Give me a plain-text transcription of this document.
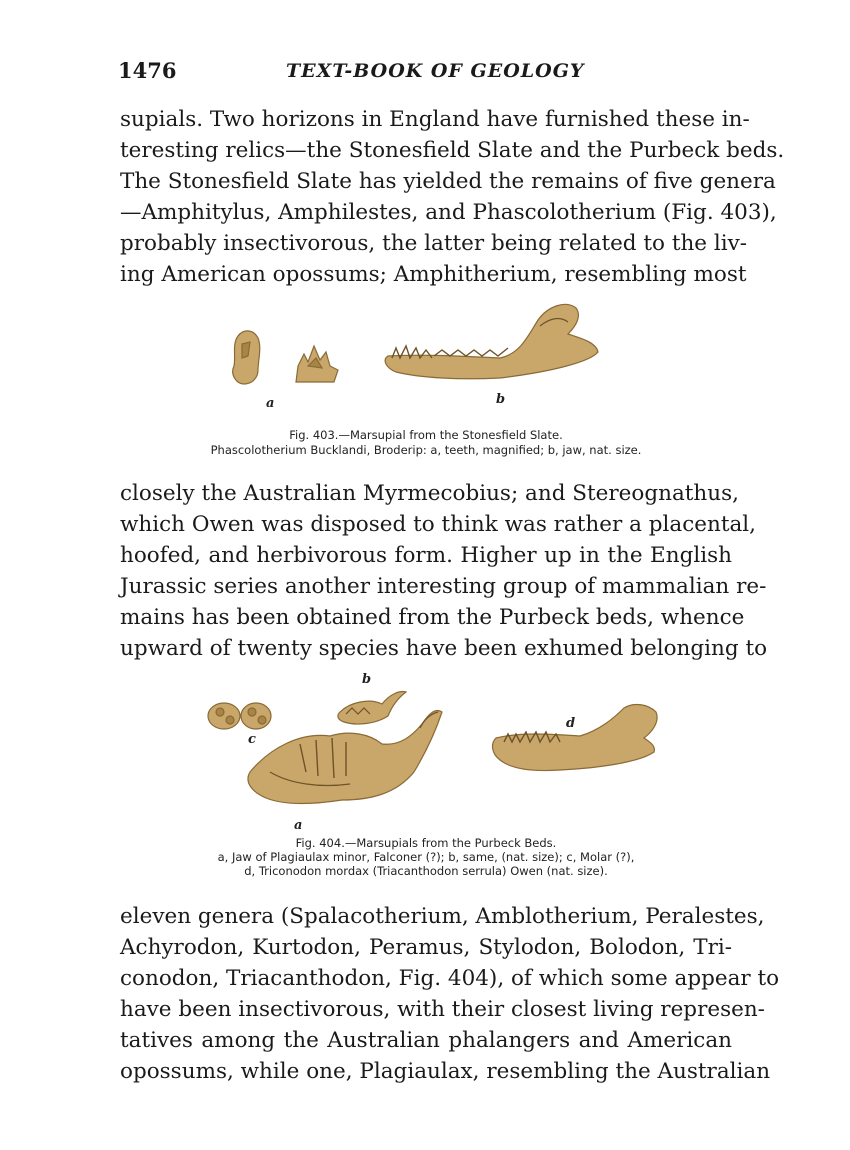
1476	TEXT-BOOK OF GEOLOGY
supials. Two horizons in England have furnished these in-
teresting relics—the Stonesfield Slate and the Purbeck beds.
The Stonesfield Slate has yielded the remains of five genera
—Amphitylus, Amphilestes, and Phascolotherium (Fig. 403),
probably insectivorous, the latter being related to the liv-
ing American opossums; Amphitherium, resembling most
a	b
Fig. 403.—Marsupial from the Stonesfield Slate.
Phascolotherium Bucklandi, Broderip: a, teeth, magnified; b, jaw, nat. size.
closely the Australian Myrmecobius; and Stereognathus,
which Owen was disposed to think was rather a placental,
hoofed, and herbivorous form. Higher up in the English
Jurassic series another interesting group of mammalian re-
mains has been obtained from the Purbeck beds, whence
upward of twenty species have been exhumed belonging to
b
c
d
a
Fig. 404.—Marsupials from the Purbeck Beds.
a, Jaw of Plagiaulax minor, Falconer (?); b, same, (nat. size); c, Molar (?),
d, Triconodon mordax (Triacanthodon serrula) Owen (nat. size).
eleven genera (Spalacotherium, Amblotherium, Peralestes,
Achyrodon, Kurtodon, Peramus, Stylodon, Bolodon, Tri-
conodon, Triacanthodon, Fig. 404), of which some appear to
have been insectivorous, with their closest living represen-
tatives among the Australian phalangers and American
opossums, while one, Plagiaulax, resembling the Australian
